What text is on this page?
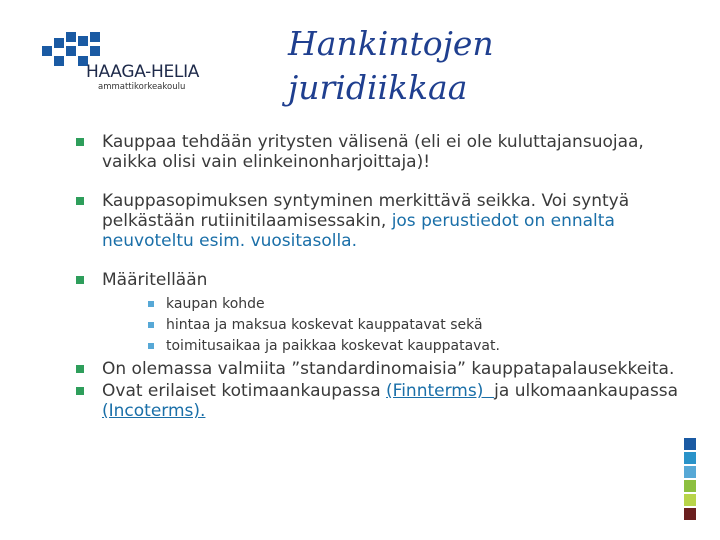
HAAGA-HELIA
ammattikorkeakoulu
Hankintojen
juridiikkaa

Kauppaa tehdään yritysten välisenä (eli ei ole kuluttajansuojaa, vaikka olisi vain elinkeinonharjoittaja)!

Kauppasopimuksen syntyminen merkittävä seikka. Voi syntyä pelkästään rutiinitilaamisessakin, jos perustiedot on ennalta neuvoteltu esim. vuositasolla.

Määritellään

kaupan kohde
hintaa ja maksua koskevat kauppatavat sekä
toimitusaikaa ja paikkaa koskevat kauppatavat.

On olemassa valmiita ”standardinomaisia” kauppatapalausekkeita.

Ovat erilaiset kotimaankaupassa (Finnterms)  ja ulkomaankaupassa (Incoterms).
